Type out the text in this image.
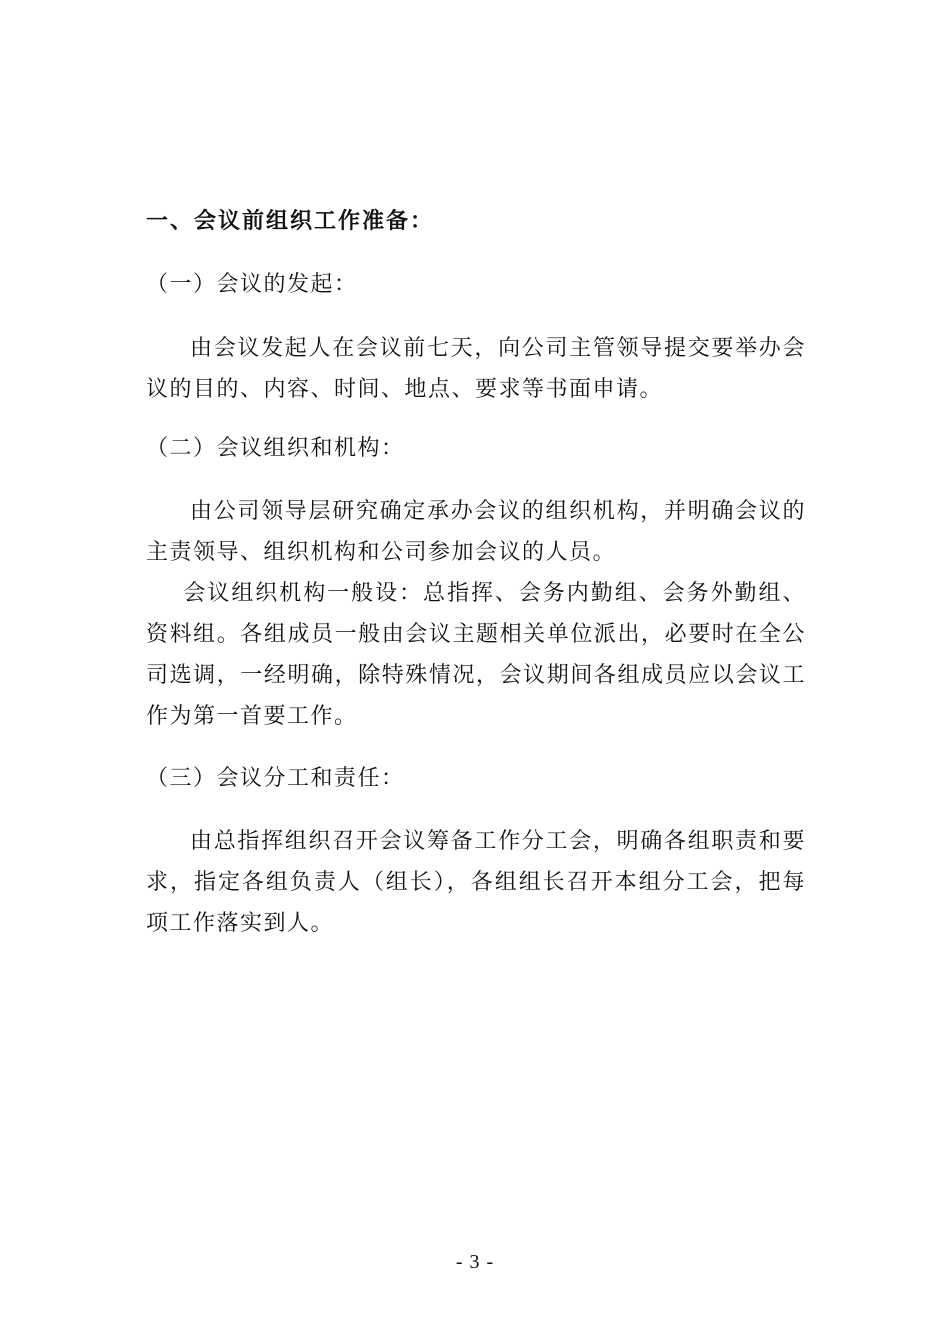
一、会议前组织工作准备：

（一）会议的发起：

由会议发起人在会议前七天，向公司主管领导提交要举办会议的目的、内容、时间、地点、要求等书面申请。

（二）会议组织和机构：

由公司领导层研究确定承办会议的组织机构，并明确会议的主责领导、组织机构和公司参加会议的人员。

会议组织机构一般设：总指挥、会务内勤组、会务外勤组、资料组。各组成员一般由会议主题相关单位派出，必要时在全公司选调，一经明确，除特殊情况，会议期间各组成员应以会议工作为第一首要工作。

（三）会议分工和责任：

由总指挥组织召开会议筹备工作分工会，明确各组职责和要求，指定各组负责人（组长），各组组长召开本组分工会，把每项工作落实到人。

- 3 -
